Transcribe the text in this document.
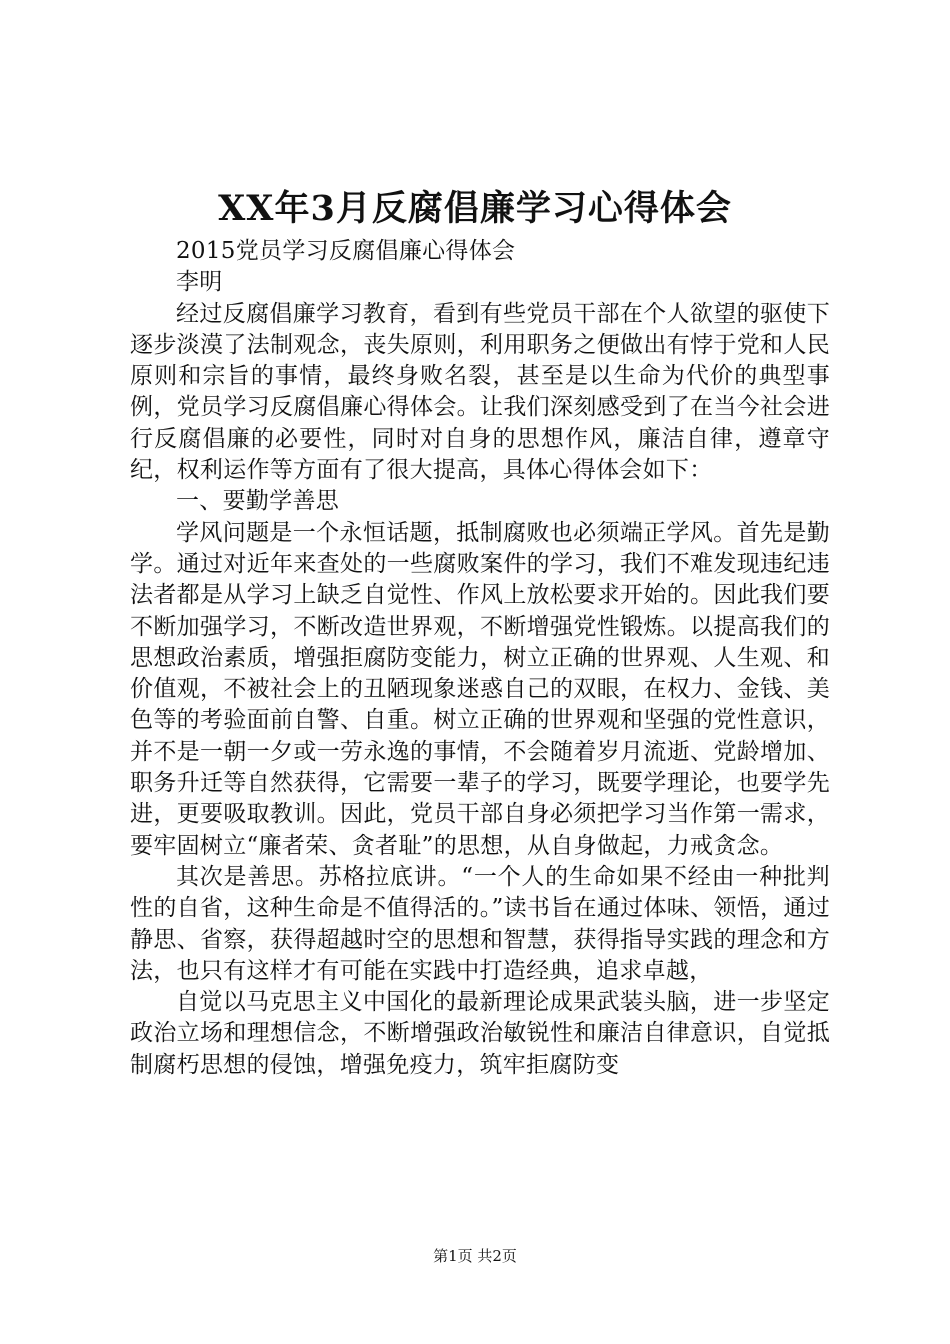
XX年3月反腐倡廉学习心得体会

2015党员学习反腐倡廉心得体会

李明

经过反腐倡廉学习教育，看到有些党员干部在个人欲望的驱使下逐步淡漠了法制观念，丧失原则，利用职务之便做出有悖于党和人民原则和宗旨的事情，最终身败名裂，甚至是以生命为代价的典型事例，党员学习反腐倡廉心得体会。让我们深刻感受到了在当今社会进行反腐倡廉的必要性，同时对自身的思想作风，廉洁自律，遵章守纪，权利运作等方面有了很大提高，具体心得体会如下：

一、要勤学善思

学风问题是一个永恒话题，抵制腐败也必须端正学风。首先是勤学。通过对近年来查处的一些腐败案件的学习，我们不难发现违纪违法者都是从学习上缺乏自觉性、作风上放松要求开始的。因此我们要不断加强学习，不断改造世界观，不断增强党性锻炼。以提高我们的思想政治素质，增强拒腐防变能力，树立正确的世界观、人生观、和价值观，不被社会上的丑陋现象迷惑自己的双眼，在权力、金钱、美色等的考验面前自警、自重。树立正确的世界观和坚强的党性意识，并不是一朝一夕或一劳永逸的事情，不会随着岁月流逝、党龄增加、职务升迁等自然获得，它需要一辈子的学习，既要学理论，也要学先进，更要吸取教训。因此，党员干部自身必须把学习当作第一需求，要牢固树立“廉者荣、贪者耻”的思想，从自身做起，力戒贪念。

其次是善思。苏格拉底讲。“一个人的生命如果不经由一种批判性的自省，这种生命是不值得活的。”读书旨在通过体味、领悟，通过静思、省察，获得超越时空的思想和智慧，获得指导实践的理念和方法，也只有这样才有可能在实践中打造经典，追求卓越，

自觉以马克思主义中国化的最新理论成果武装头脑，进一步坚定政治立场和理想信念，不断增强政治敏锐性和廉洁自律意识，自觉抵制腐朽思想的侵蚀，增强免疫力，筑牢拒腐防变

第1页 共2页
